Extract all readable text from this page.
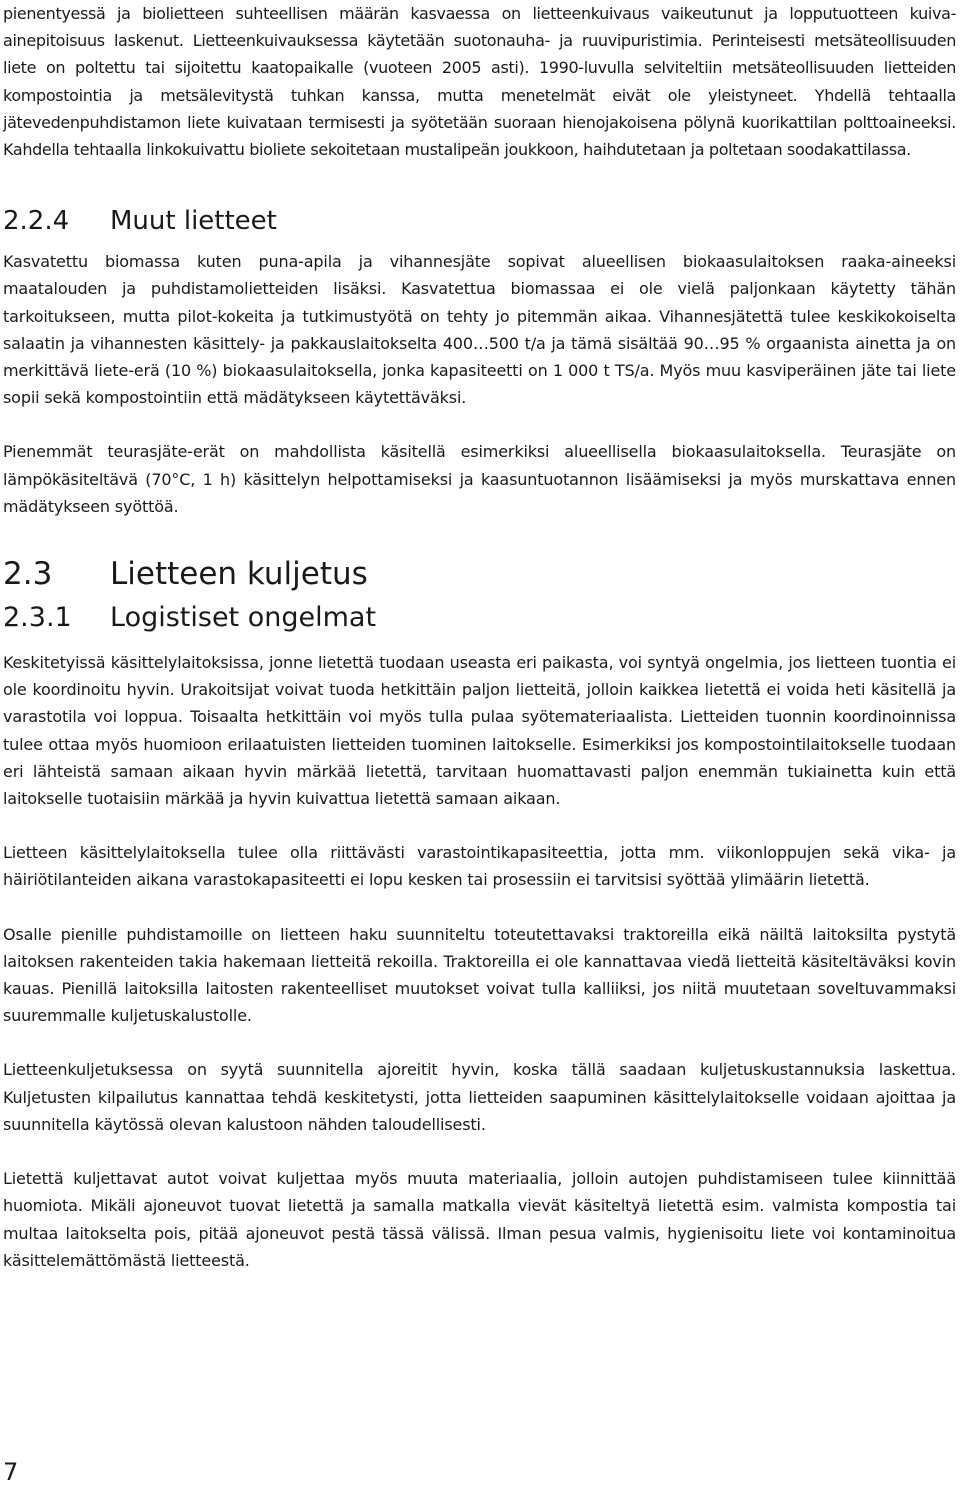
pienentyessä ja biolietteen suhteellisen määrän kasvaessa on lietteenkuivaus vaikeutunut ja lopputuotteen kuiva-ainepitoisuus laskenut. Lietteenkuivauksessa käytetään suotonauha- ja ruuvipuristimia. Perinteisesti metsäteollisuuden liete on poltettu tai sijoitettu kaatopaikalle (vuoteen 2005 asti). 1990-luvulla selviteltiin metsäteollisuuden lietteiden kompostointia ja metsälevitystä tuhkan kanssa, mutta menetelmät eivät ole yleistyneet. Yhdellä tehtaalla jätevedenpuhdistamon liete kuivataan termisesti ja syötetään suoraan hienojakoisena pölynä kuorikattilan polttoaineeksi. Kahdella tehtaalla linkokuivattu bioliete sekoitetaan mustalipeän joukkoon, haihdutetaan ja poltetaan soodakattilassa.

2.2.4	Muut lietteet

Kasvatettu biomassa kuten puna-apila ja vihannesjäte sopivat alueellisen biokaasulaitoksen raaka-aineeksi maatalouden ja puhdistamolietteiden lisäksi. Kasvatettua biomassaa ei ole vielä paljonkaan käytetty tähän tarkoitukseen, mutta pilot-kokeita ja tutkimustyötä on tehty jo pitemmän aikaa. Vihannesjätettä tulee keskikokoiselta salaatin ja vihannesten käsittely- ja pakkauslaitokselta 400…500 t/a ja tämä sisältää 90…95 % orgaanista ainetta ja on merkittävä liete-erä (10 %) biokaasulaitoksella, jonka kapasiteetti on 1 000 t TS/a. Myös muu kasviperäinen jäte tai liete sopii sekä kompostointiin että mädätykseen käytettäväksi.

Pienemmät teurasjäte-erät on mahdollista käsitellä esimerkiksi alueellisella biokaasulaitoksella. Teurasjäte on lämpökäsiteltävä (70°C, 1 h) käsittelyn helpottamiseksi ja kaasuntuotannon lisäämiseksi ja myös murskattava ennen mädätykseen syöttöä.

2.3	Lietteen kuljetus
2.3.1	Logistiset ongelmat

Keskitetyissä käsittelylaitoksissa, jonne lietettä tuodaan useasta eri paikasta, voi syntyä ongelmia, jos lietteen tuontia ei ole koordinoitu hyvin. Urakoitsijat voivat tuoda hetkittäin paljon lietteitä, jolloin kaikkea lietettä ei voida heti käsitellä ja varastotila voi loppua. Toisaalta hetkittäin voi myös tulla pulaa syötemateriaalista. Lietteiden tuonnin koordinoinnissa tulee ottaa myös huomioon erilaatuisten lietteiden tuominen laitokselle. Esimerkiksi jos kompostointilaitokselle tuodaan eri lähteistä samaan aikaan hyvin märkää lietettä, tarvitaan huomattavasti paljon enemmän tukiainetta kuin että laitokselle tuotaisiin märkää ja hyvin kuivattua lietettä samaan aikaan.

Lietteen käsittelylaitoksella tulee olla riittävästi varastointikapasiteettia, jotta mm. viikonloppujen sekä vika- ja häiriötilanteiden aikana varastokapasiteetti ei lopu kesken tai prosessiin ei tarvitsisi syöttää ylimäärin lietettä.

Osalle pienille puhdistamoille on lietteen haku suunniteltu toteutettavaksi traktoreilla eikä näiltä laitoksilta pystytä laitoksen rakenteiden takia hakemaan lietteitä rekoilla. Traktoreilla ei ole kannattavaa viedä lietteitä käsiteltäväksi kovin kauas. Pienillä laitoksilla laitosten rakenteelliset muutokset voivat tulla kalliiksi, jos niitä muutetaan soveltuvammaksi suuremmalle kuljetuskalustolle.

Lietteenkuljetuksessa on syytä suunnitella ajoreitit hyvin, koska tällä saadaan kuljetuskustannuksia laskettua. Kuljetusten kilpailutus kannattaa tehdä keskitetysti, jotta lietteiden saapuminen käsittelylaitokselle voidaan ajoittaa ja suunnitella käytössä olevan kalustoon nähden taloudellisesti.

Lietettä kuljettavat autot voivat kuljettaa myös muuta materiaalia, jolloin autojen puhdistamiseen tulee kiinnittää huomiota. Mikäli ajoneuvot tuovat lietettä ja samalla matkalla vievät käsiteltyä lietettä esim. valmista kompostia tai multaa laitokselta pois, pitää ajoneuvot pestä tässä välissä. Ilman pesua valmis, hygienisoitu liete voi kontaminoitua käsittelemättömästä lietteestä.

7
